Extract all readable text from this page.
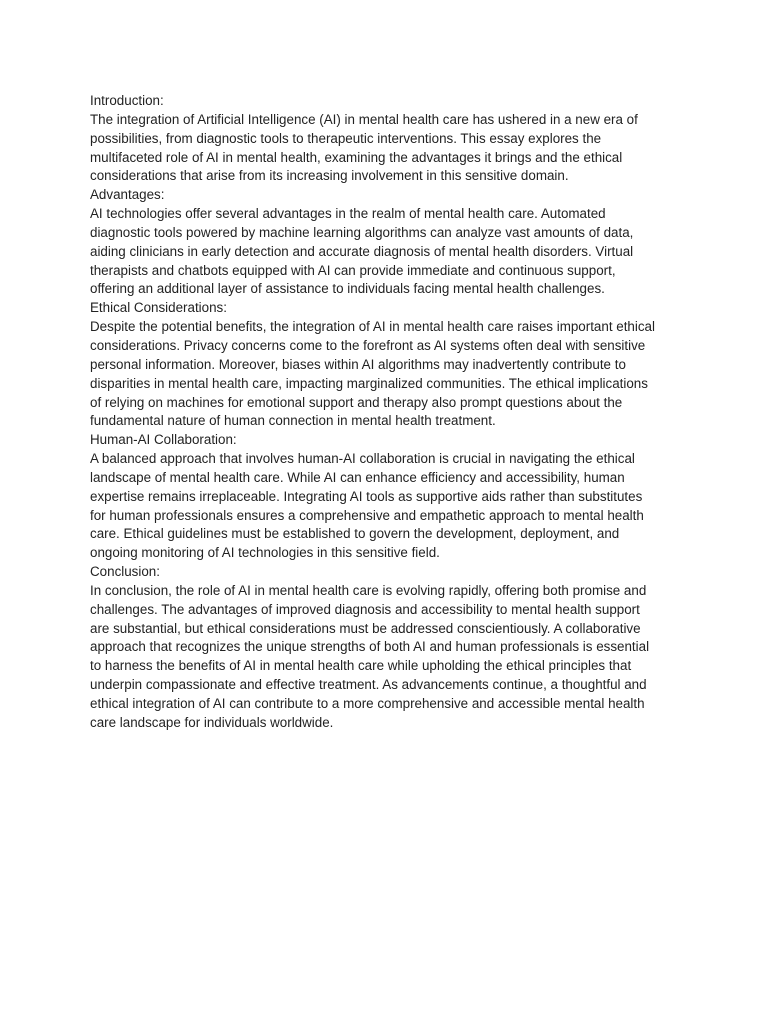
Introduction:
The integration of Artificial Intelligence (AI) in mental health care has ushered in a new era of
possibilities, from diagnostic tools to therapeutic interventions. This essay explores the
multifaceted role of AI in mental health, examining the advantages it brings and the ethical
considerations that arise from its increasing involvement in this sensitive domain.
Advantages:
AI technologies offer several advantages in the realm of mental health care. Automated
diagnostic tools powered by machine learning algorithms can analyze vast amounts of data,
aiding clinicians in early detection and accurate diagnosis of mental health disorders. Virtual
therapists and chatbots equipped with AI can provide immediate and continuous support,
offering an additional layer of assistance to individuals facing mental health challenges.
Ethical Considerations:
Despite the potential benefits, the integration of AI in mental health care raises important ethical
considerations. Privacy concerns come to the forefront as AI systems often deal with sensitive
personal information. Moreover, biases within AI algorithms may inadvertently contribute to
disparities in mental health care, impacting marginalized communities. The ethical implications
of relying on machines for emotional support and therapy also prompt questions about the
fundamental nature of human connection in mental health treatment.
Human-AI Collaboration:
A balanced approach that involves human-AI collaboration is crucial in navigating the ethical
landscape of mental health care. While AI can enhance efficiency and accessibility, human
expertise remains irreplaceable. Integrating AI tools as supportive aids rather than substitutes
for human professionals ensures a comprehensive and empathetic approach to mental health
care. Ethical guidelines must be established to govern the development, deployment, and
ongoing monitoring of AI technologies in this sensitive field.
Conclusion:
In conclusion, the role of AI in mental health care is evolving rapidly, offering both promise and
challenges. The advantages of improved diagnosis and accessibility to mental health support
are substantial, but ethical considerations must be addressed conscientiously. A collaborative
approach that recognizes the unique strengths of both AI and human professionals is essential
to harness the benefits of AI in mental health care while upholding the ethical principles that
underpin compassionate and effective treatment. As advancements continue, a thoughtful and
ethical integration of AI can contribute to a more comprehensive and accessible mental health
care landscape for individuals worldwide.
